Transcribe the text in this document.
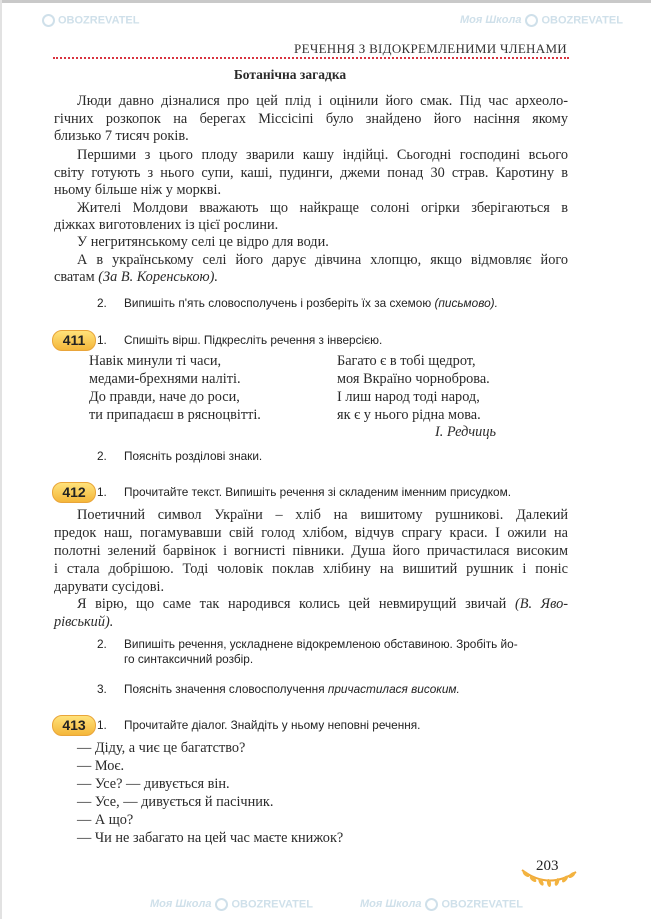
OBOZREVATEL	Моя Школа OBOZREVATEL
Моя Школа OBOZREVATEL	Моя Школа OBOZREVATEL
РЕЧЕННЯ З ВІДОКРЕМЛЕНИМИ ЧЛЕНАМИ
Ботанічна загадка
Люди давно дізналися про цей плід і оцінили його смак. Під час археоло-
гічних розкопок на берегах Міссісіпі було знайдено його насіння якому
близько 7 тисяч років.
Першими з цього плоду зварили кашу індійці. Сьогодні господині всього
світу готують з нього супи, каші, пудинги, джеми понад 30 страв. Каротину в
ньому більше ніж у моркві.
Жителі Молдови вважають що найкраще солоні огірки зберігаються в
діжках виготовлених із цієї рослини.
У негритянському селі це відро для води.
А в українському селі його дарує дівчина хлопцю, якщо відмовляє його
сватам (За В. Коренською).
2. Випишіть п'ять словосполучень і розберіть їх за схемою (письмово).
411 1. Спишіть вірш. Підкресліть речення з інверсією.
Навік минули ті часи,
медами-брехнями наліті.
До правди, наче до роси,
ти припадаєш в рясноцвітті.
Багато є в тобі щедрот,
моя Вкраїно чорноброва.
І лиш народ тоді народ,
як є у нього рідна мова.
І. Редчиць
2. Поясніть розділові знаки.
412 1. Прочитайте текст. Випишіть речення зі складеним іменним присудком.
Поетичний символ України – хліб на вишитому рушникові. Далекий
предок наш, погамувавши свій голод хлібом, відчув спрагу краси. І ожили на
полотні зелений барвінок і вогнисті півники. Душа його причастилася високим
і стала добрішою. Тоді чоловік поклав хлібину на вишитий рушник і поніс
дарувати сусідові.
Я вірю, що саме так народився колись цей невмирущий звичай (В. Яво-
рівський).
2. Випишіть речення, ускладнене відокремленою обставиною. Зробіть йо-
го синтаксичний розбір.
3. Поясніть значення словосполучення причастилася високим.
413 1. Прочитайте діалог. Знайдіть у ньому неповні речення.
— Діду, а чиє це багатство?
— Моє.
— Усе? — дивується він.
— Усе, — дивується й пасічник.
— А що?
— Чи не забагато на цей час маєте книжок?
203
